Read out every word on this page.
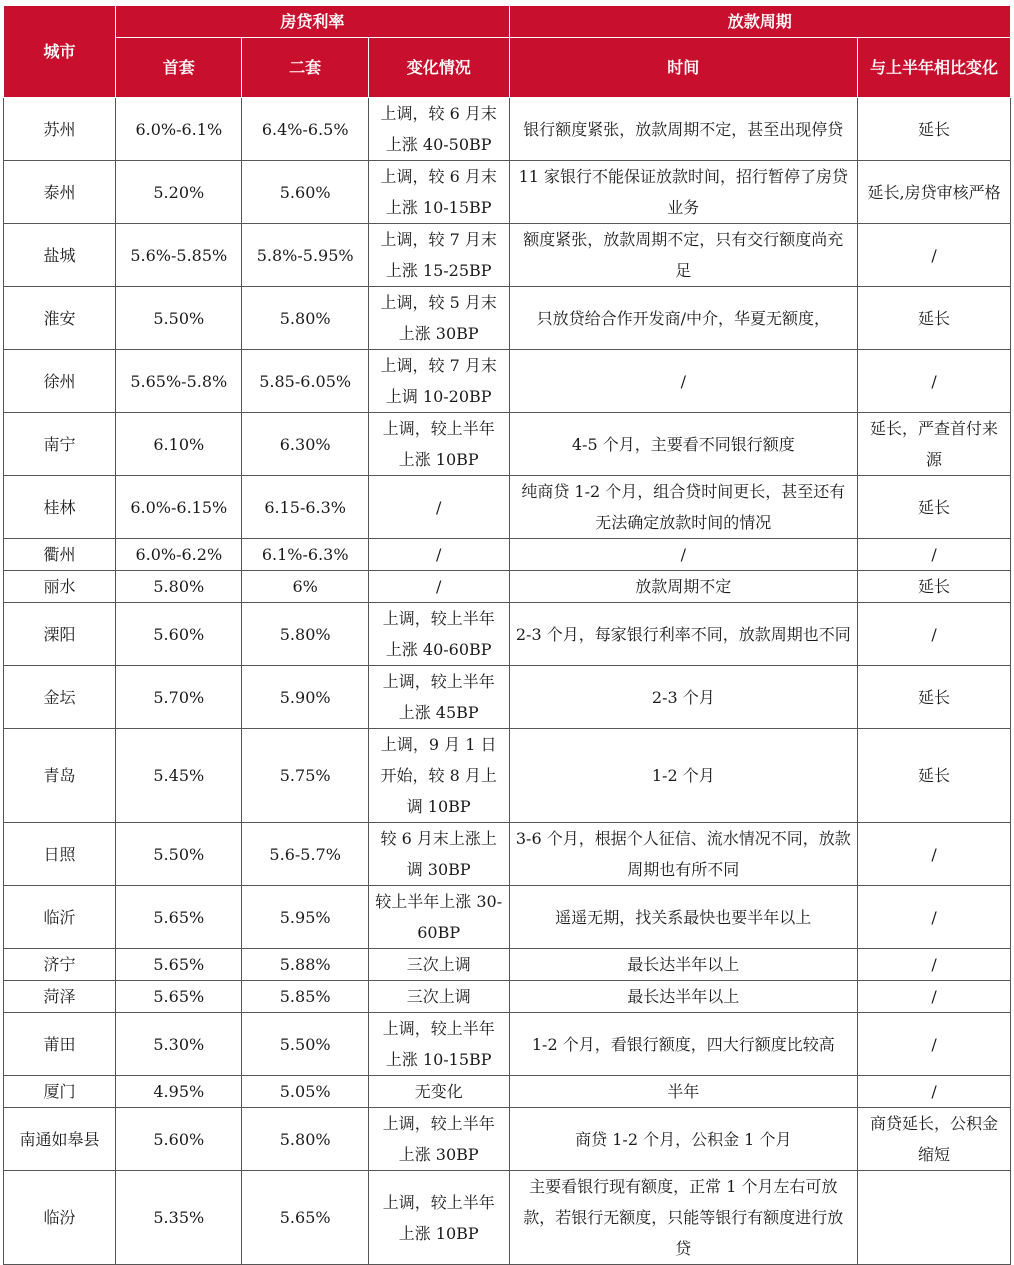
城市	房贷利率			放款周期	
	首套	二套	变化情况	时间	与上半年相比变化
苏州	6.0%-6.1%	6.4%-6.5%	上调，较 6 月末上涨 40-50BP	银行额度紧张，放款周期不定，甚至出现停贷	延长
泰州	5.20%	5.60%	上调，较 6 月末上涨 10-15BP	11 家银行不能保证放款时间，招行暂停了房贷业务	延长,房贷审核严格
盐城	5.6%-5.85%	5.8%-5.95%	上调，较 7 月末上涨 15-25BP	额度紧张，放款周期不定，只有交行额度尚充足	/
淮安	5.50%	5.80%	上调，较 5 月末上涨 30BP	只放贷给合作开发商/中介，华夏无额度，	延长
徐州	5.65%-5.8%	5.85-6.05%	上调，较 7 月末上调 10-20BP	/	/
南宁	6.10%	6.30%	上调，较上半年上涨 10BP	4-5 个月，主要看不同银行额度	延长，严查首付来源
桂林	6.0%-6.15%	6.15-6.3%	/	纯商贷 1-2 个月，组合贷时间更长，甚至还有无法确定放款时间的情况	延长
衢州	6.0%-6.2%	6.1%-6.3%	/	/	/
丽水	5.80%	6%	/	放款周期不定	延长
溧阳	5.60%	5.80%	上调，较上半年上涨 40-60BP	2-3 个月，每家银行利率不同，放款周期也不同	/
金坛	5.70%	5.90%	上调，较上半年上涨 45BP	2-3 个月	延长
青岛	5.45%	5.75%	上调，9 月 1 日开始，较 8 月上调 10BP	1-2 个月	延长
日照	5.50%	5.6-5.7%	较 6 月末上涨上调 30BP	3-6 个月，根据个人征信、流水情况不同，放款周期也有所不同	/
临沂	5.65%	5.95%	较上半年上涨 30-60BP	遥遥无期，找关系最快也要半年以上	/
济宁	5.65%	5.88%	三次上调	最长达半年以上	/
菏泽	5.65%	5.85%	三次上调	最长达半年以上	/
莆田	5.30%	5.50%	上调，较上半年上涨 10-15BP	1-2 个月，看银行额度，四大行额度比较高	/
厦门	4.95%	5.05%	无变化	半年	/
南通如皋县	5.60%	5.80%	上调，较上半年上涨 30BP	商贷 1-2 个月，公积金 1 个月	商贷延长，公积金缩短
临汾	5.35%	5.65%	上调，较上半年上涨 10BP	主要看银行现有额度，正常 1 个月左右可放款，若银行无额度，只能等银行有额度进行放贷	
